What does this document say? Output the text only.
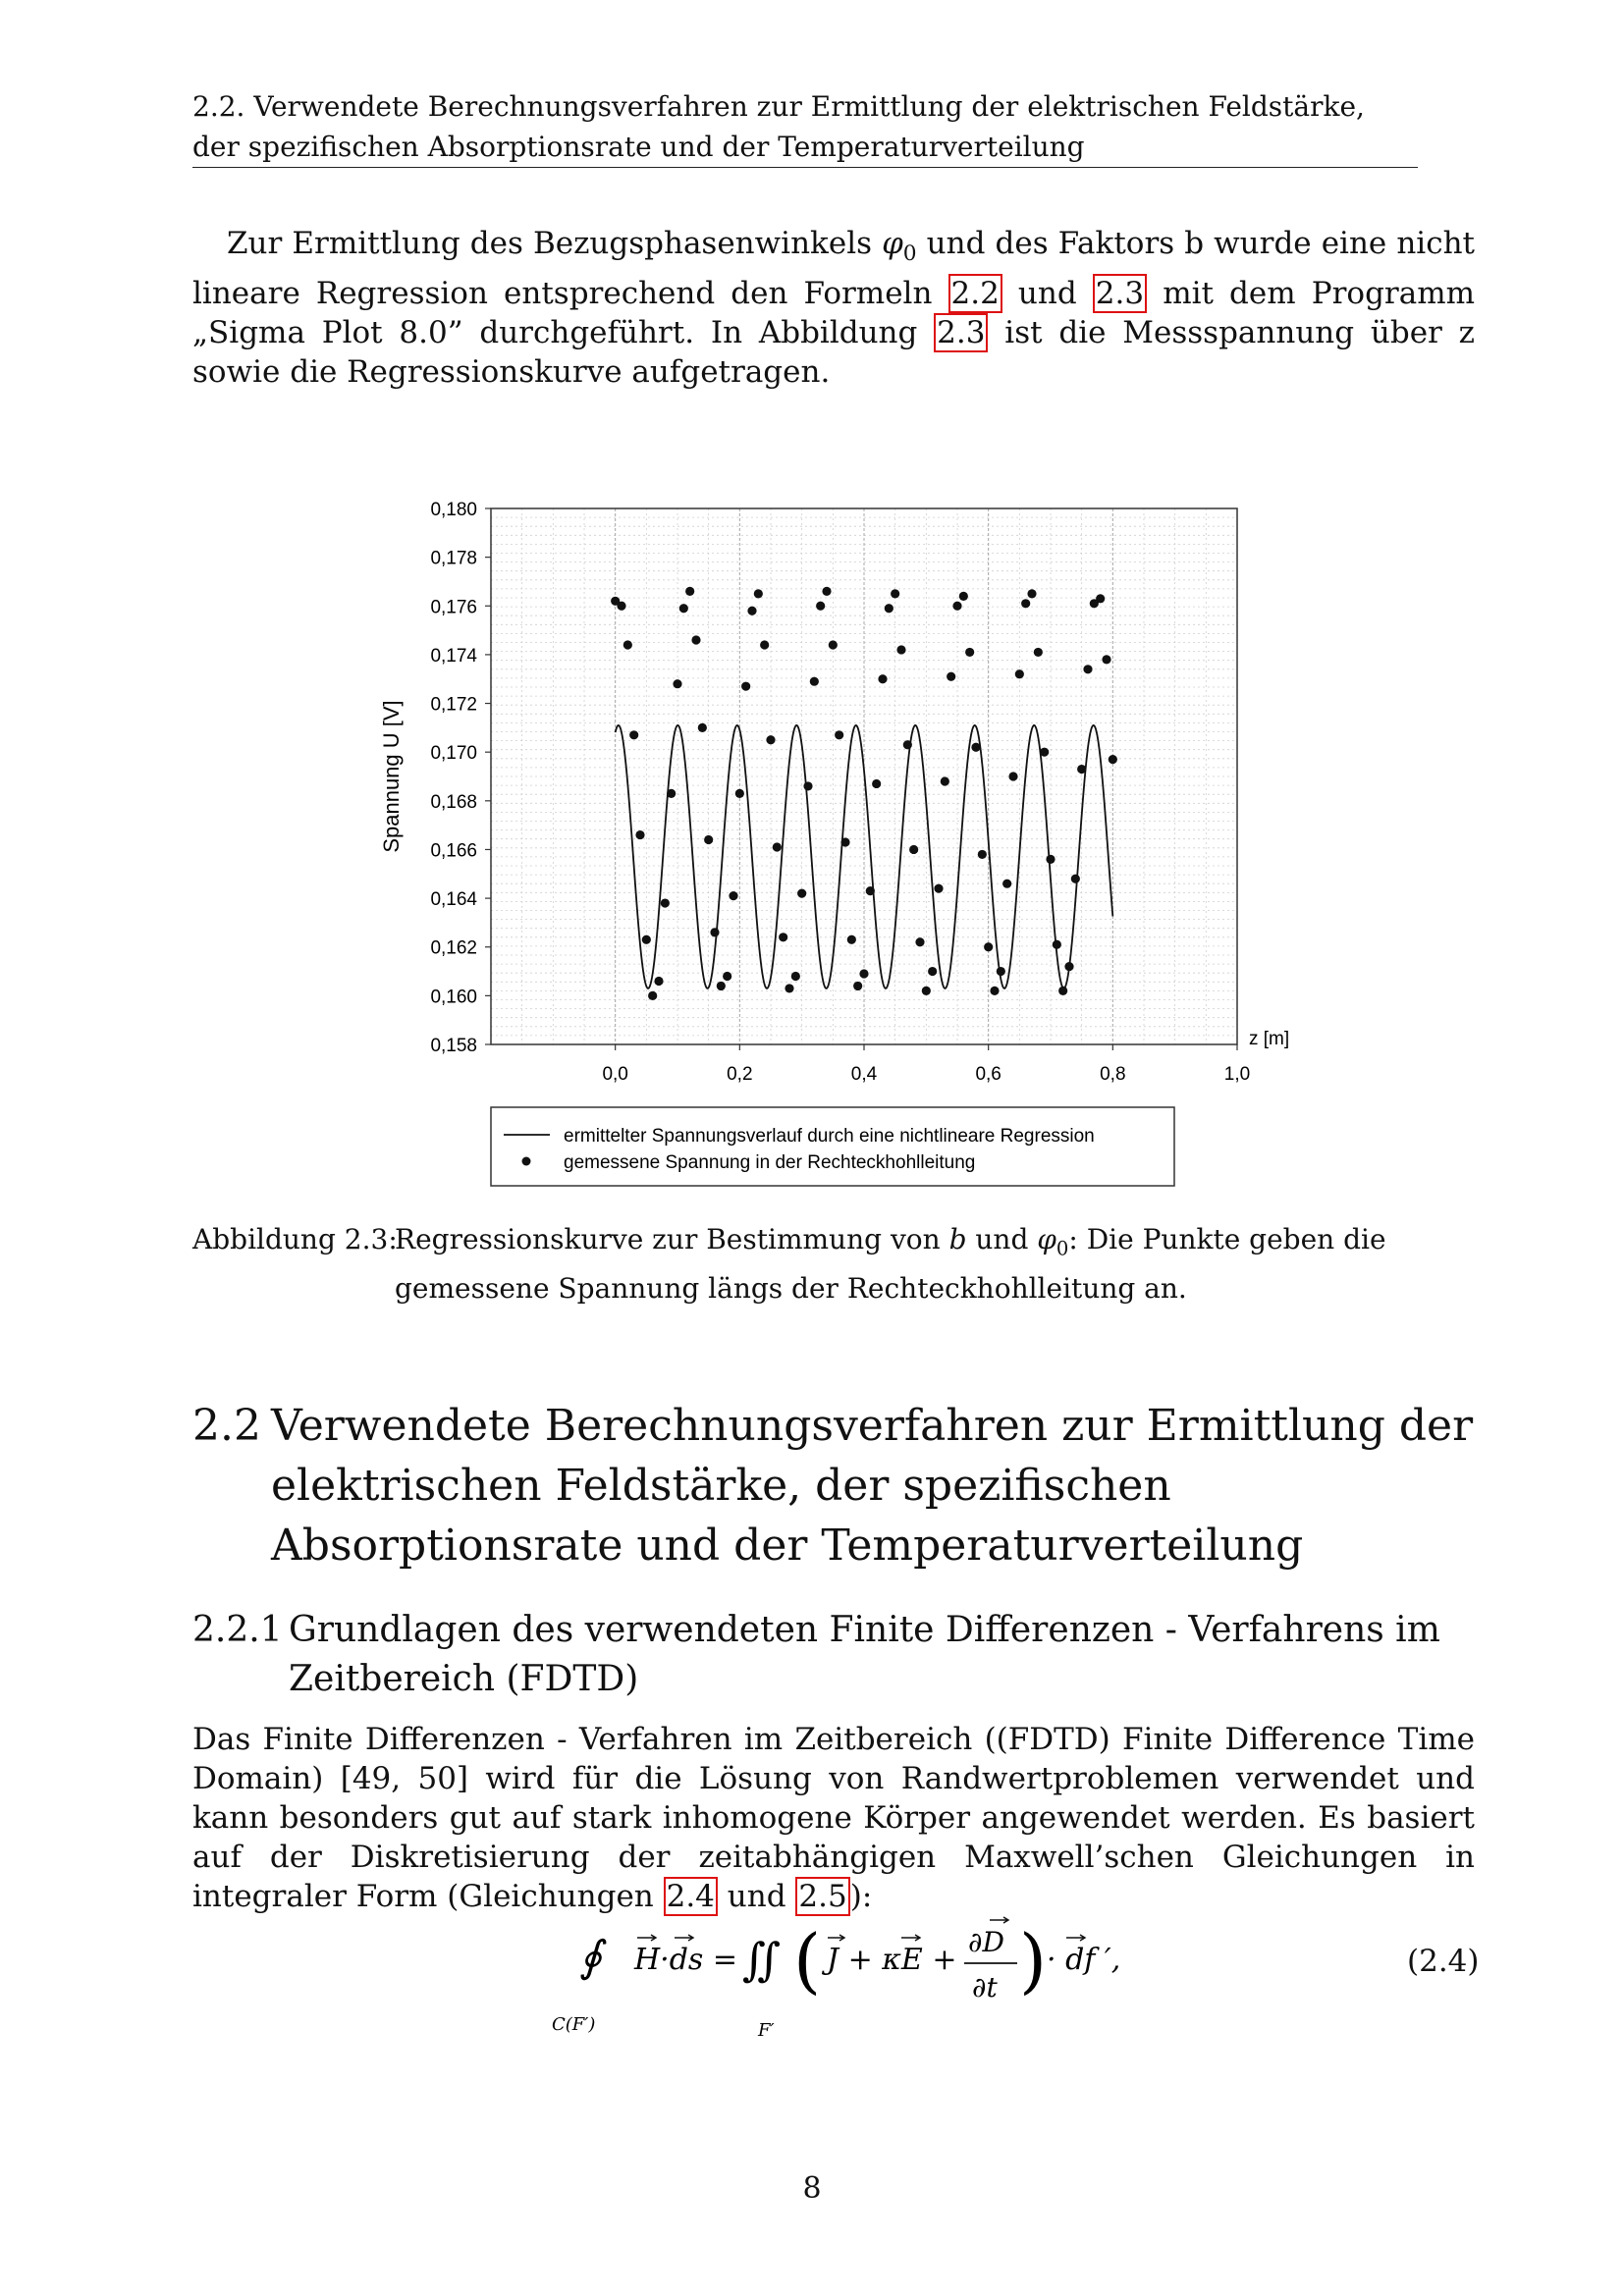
2.2. Verwendete Berechnungsverfahren zur Ermittlung der elektrischen Feldstärke, der spezifischen Absorptionsrate und der Temperaturverteilung
Zur Ermittlung des Bezugsphasenwinkels $\varphi_0$ und des Faktors b wurde eine nicht lineare Regression entsprechend den Formeln 2.2 und 2.3 mit dem Programm „Sigma Plot 8.0” durchgeführt. In Abbildung 2.3 ist die Messspannung über z sowie die Regressionskurve aufgetragen.
0,158
0,160
0,162
0,164
0,166
0,168
0,170
0,172
0,174
0,176
0,178
0,180
0,0	0,2	0,4	0,6	0,8	1,0
Spannung U [V]
z [m]
ermittelter Spannungsverlauf durch eine nichtlineare Regression
gemessene Spannung in der Rechteckhohlleitung
Abbildung 2.3:
Regressionskurve zur Bestimmung von b und $\varphi_0$: Die Punkte geben die gemessene Spannung längs der Rechteckhohlleitung an.
2.2 Verwendete Berechnungsverfahren zur Ermittlung der elektrischen Feldstärke, der spezifischen Absorptionsrate und der Temperaturverteilung
2.2.1 Grundlagen des verwendeten Finite Differenzen - Verfahrens im Zeitbereich (FDTD)
Das Finite Differenzen - Verfahren im Zeitbereich ((FDTD) Finite Difference Time Domain) [49, 50] wird für die Lösung von Randwertproblemen verwendet und kann besonders gut auf stark inhomogene Körper angewendet werden. Es basiert auf der Diskretisierung der zeitabhängigen Maxwell’schen Gleichungen in integraler Form (Gleichungen 2.4 und 2.5):
∮
C(F′)
H·ds = ∬
F′
( J + κE +
∂D
∂t ) · df ′,	(2.4)
8
